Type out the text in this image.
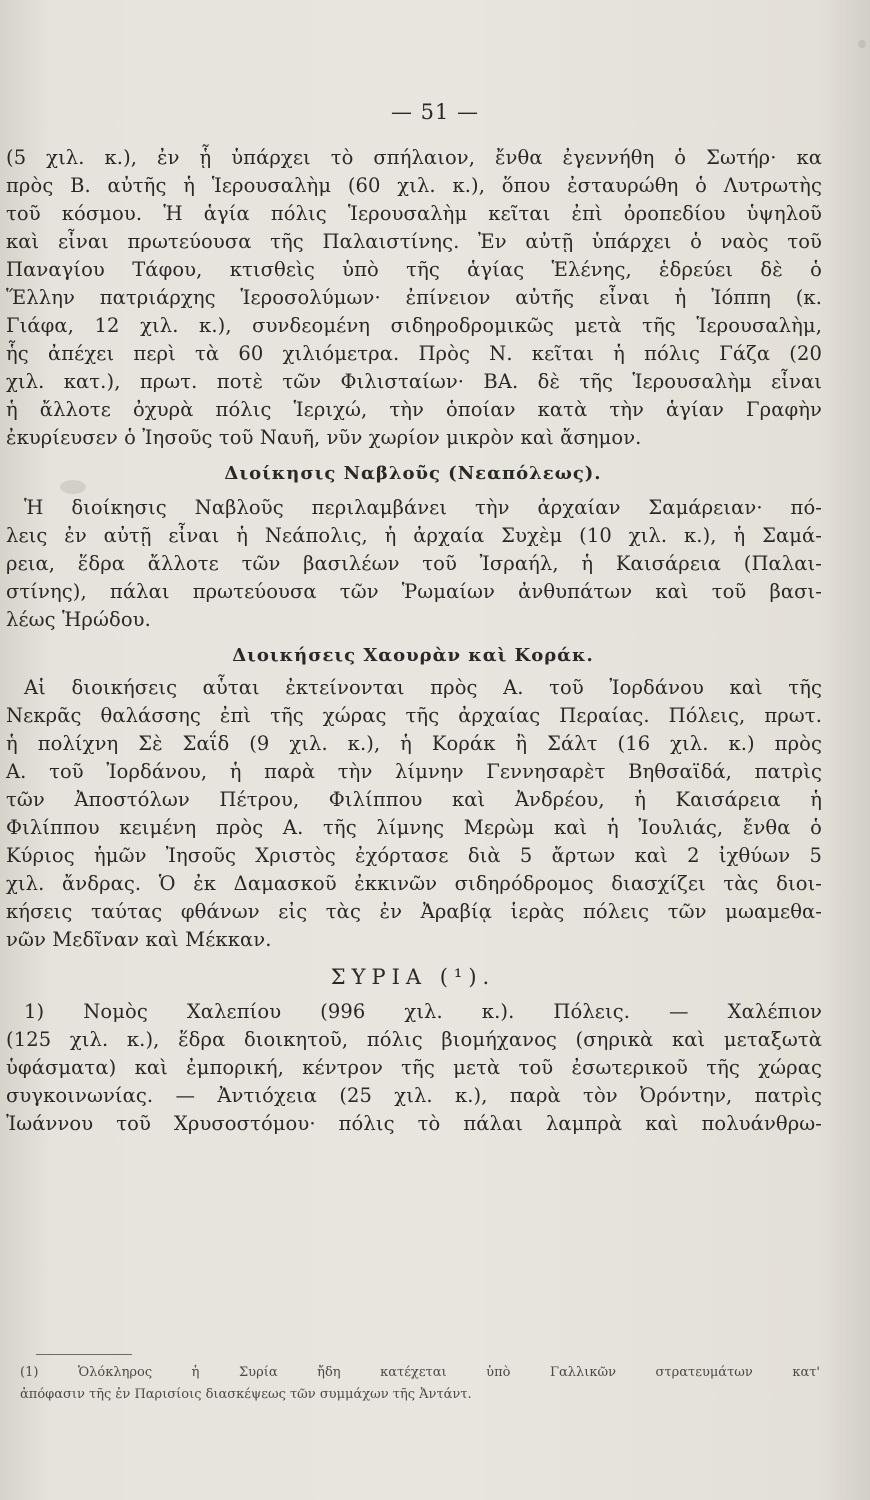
— 51 —
(5 χιλ. κ.), ἐν ᾗ ὑπάρχει τὸ σπήλαιον, ἔνθα ἐγεννήθη ὁ Σωτήρ· κα
πρὸς Β. αὐτῆς ἡ Ἱερουσαλὴμ (60 χιλ. κ.), ὅπου ἐσταυρώθη ὁ Λυτρωτὴς
τοῦ κόσμου. Ἡ ἁγία πόλις Ἱερουσαλὴμ κεῖται ἐπὶ ὀροπεδίου ὑψηλοῦ
καὶ εἶναι πρωτεύουσα τῆς Παλαιστίνης. Ἐν αὐτῇ ὑπάρχει ὁ ναὸς τοῦ
Παναγίου Τάφου, κτισθεὶς ὑπὸ τῆς ἁγίας Ἑλένης, ἑδρεύει δὲ ὁ
Ἕλλην πατριάρχης Ἱεροσολύμων· ἐπίνειον αὐτῆς εἶναι ἡ Ἰόππη (κ.
Γιάφα, 12 χιλ. κ.), συνδεομένη σιδηροδρομικῶς μετὰ τῆς Ἱερουσαλὴμ,
ἧς ἀπέχει περὶ τὰ 60 χιλιόμετρα. Πρὸς Ν. κεῖται ἡ πόλις Γάζα (20
χιλ. κατ.), πρωτ. ποτὲ τῶν Φιλισταίων· ΒΑ. δὲ τῆς Ἱερουσαλὴμ εἶναι
ἡ ἄλλοτε ὀχυρὰ πόλις Ἱεριχώ, τὴν ὁποίαν κατὰ τὴν ἁγίαν Γραφὴν
ἐκυρίευσεν ὁ Ἰησοῦς τοῦ Ναυῆ, νῦν χωρίον μικρὸν καὶ ἄσημον.
Διοίκησις Ναβλοῦς (Νεαπόλεως).
Ἡ διοίκησις Ναβλοῦς περιλαμβάνει τὴν ἀρχαίαν Σαμάρειαν· πό-
λεις ἐν αὐτῇ εἶναι ἡ Νεάπολις, ἡ ἀρχαία Συχὲμ (10 χιλ. κ.), ἡ Σαμά-
ρεια, ἕδρα ἄλλοτε τῶν βασιλέων τοῦ Ἰσραήλ, ἡ Καισάρεια (Παλαι-
στίνης), πάλαι πρωτεύουσα τῶν Ῥωμαίων ἀνθυπάτων καὶ τοῦ βασι-
λέως Ἡρώδου.
Διοικήσεις Χαουρὰν καὶ Κοράκ.
Αἱ διοικήσεις αὗται ἐκτείνονται πρὸς Α. τοῦ Ἰορδάνου καὶ τῆς
Νεκρᾶς θαλάσσης ἐπὶ τῆς χώρας τῆς ἀρχαίας Περαίας. Πόλεις, πρωτ.
ἡ πολίχνη Σὲ Σαΐδ (9 χιλ. κ.), ἡ Κοράκ ἢ Σάλτ (16 χιλ. κ.) πρὸς
Α. τοῦ Ἰορδάνου, ἡ παρὰ τὴν λίμνην Γεννησαρὲτ Βηθσαϊδά, πατρὶς
τῶν Ἀποστόλων Πέτρου, Φιλίππου καὶ Ἀνδρέου, ἡ Καισάρεια ἡ
Φιλίππου κειμένη πρὸς Α. τῆς λίμνης Μερὼμ καὶ ἡ Ἰουλιάς, ἔνθα ὁ
Κύριος ἡμῶν Ἰησοῦς Χριστὸς ἐχόρτασε διὰ 5 ἄρτων καὶ 2 ἰχθύων 5
χιλ. ἄνδρας. Ὁ ἐκ Δαμασκοῦ ἐκκινῶν σιδηρόδρομος διασχίζει τὰς διοι-
κήσεις ταύτας φθάνων εἰς τὰς ἐν Ἀραβίᾳ ἱερὰς πόλεις τῶν μωαμεθα-
νῶν Μεδῖναν καὶ Μέκκαν.
ΣΥΡΙΑ (¹).
1) Νομὸς Χαλεπίου (996 χιλ. κ.). Πόλεις. — Χαλέπιον
(125 χιλ. κ.), ἕδρα διοικητοῦ, πόλις βιομήχανος (σηρικὰ καὶ μεταξωτὰ
ὑφάσματα) καὶ ἐμπορική, κέντρον τῆς μετὰ τοῦ ἐσωτερικοῦ τῆς χώρας
συγκοινωνίας. — Ἀντιόχεια (25 χιλ. κ.), παρὰ τὸν Ὀρόντην, πατρὶς
Ἰωάννου τοῦ Χρυσοστόμου· πόλις τὸ πάλαι λαμπρὰ καὶ πολυάνθρω-
(1) Ὁλόκληρος ἡ Συρία ἤδη κατέχεται ὑπὸ Γαλλικῶν στρατευμάτων κατ'
ἀπόφασιν τῆς ἐν Παρισίοις διασκέψεως τῶν συμμάχων τῆς Ἀντάντ.
